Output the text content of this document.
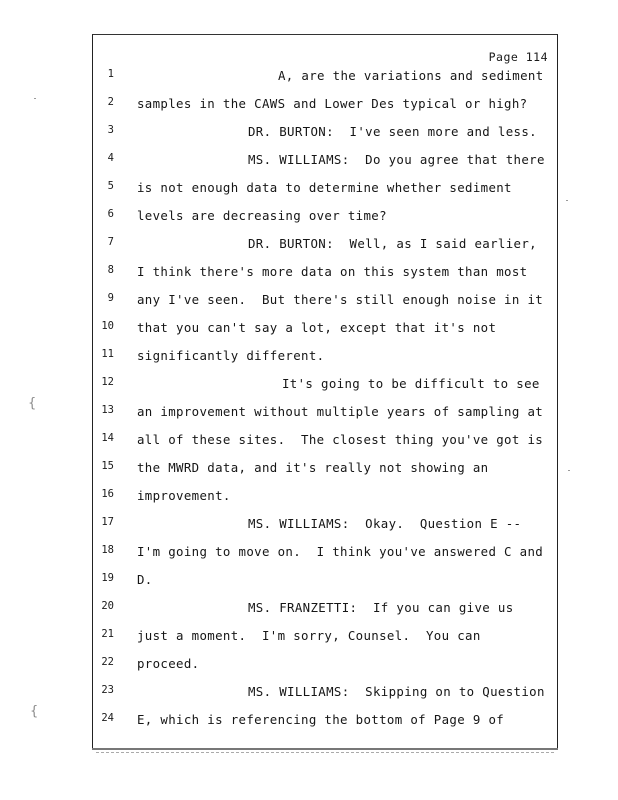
Page 114
{
{
1	A, are the variations and sediment
2 samples in the CAWS and Lower Des typical or high?
3	DR. BURTON:  I've seen more and less.
4	MS. WILLIAMS:  Do you agree that there
5 is not enough data to determine whether sediment
6 levels are decreasing over time?
7	DR. BURTON:  Well, as I said earlier,
8 I think there's more data on this system than most
9 any I've seen.  But there's still enough noise in it
10 that you can't say a lot, except that it's not
11 significantly different.
12	It's going to be difficult to see
13 an improvement without multiple years of sampling at
14 all of these sites.  The closest thing you've got is
15 the MWRD data, and it's really not showing an
16 improvement.
17	MS. WILLIAMS:  Okay.  Question E --
18 I'm going to move on.  I think you've answered C and
19 D.
20	MS. FRANZETTI:  If you can give us
21 just a moment.  I'm sorry, Counsel.  You can
22 proceed.
23	MS. WILLIAMS:  Skipping on to Question
24 E, which is referencing the bottom of Page 9 of
